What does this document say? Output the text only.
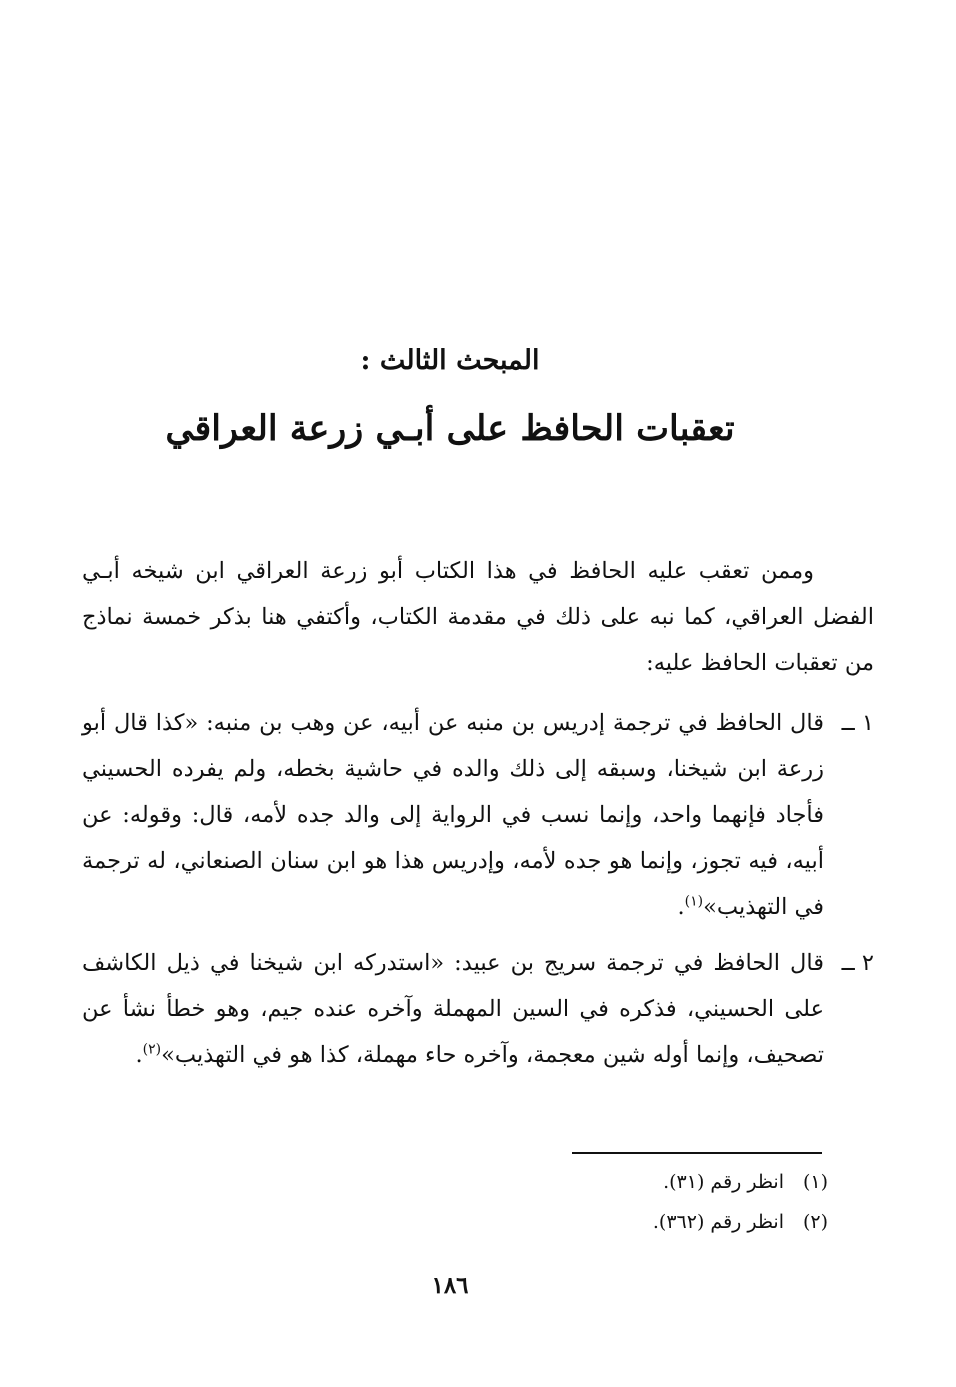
المبحث الثالث :
تعقبات الحافظ على أبـي زرعة العراقي
وممن تعقب عليه الحافظ في هذا الكتاب أبو زرعة العراقي ابن شيخه أبـي الفضل العراقي، كما نبه على ذلك في مقدمة الكتاب، وأكتفي هنا بذكر خمسة نماذج من تعقبات الحافظ عليه:
١ ــ
قال الحافظ في ترجمة إدريس بن منبه عن أبيه، عن وهب بن منبه: «كذا قال أبو زرعة ابن شيخنا، وسبقه إلى ذلك والده في حاشية بخطه، ولم يفرده الحسيني فأجاد فإنهما واحد، وإنما نسب في الرواية إلى والد جده لأمه، قال: وقوله: عن أبيه، فيه تجوز، وإنما هو جده لأمه، وإدريس هذا هو ابن سنان الصنعاني، له ترجمة في التهذيب»$^{(١)}$.
٢ ــ
قال الحافظ في ترجمة سريج بن عبيد: «استدركه ابن شيخنا في ذيل الكاشف على الحسيني، فذكره في السين المهملة وآخره عنده جيم، وهو خطأ نشأ عن تصحيف، وإنما أوله شين معجمة، وآخره حاء مهملة، كذا هو في التهذيب»$^{(٢)}$.
(١)انظر رقم (٣١).
(٢)انظر رقم (٣٦٢).
١٨٦
